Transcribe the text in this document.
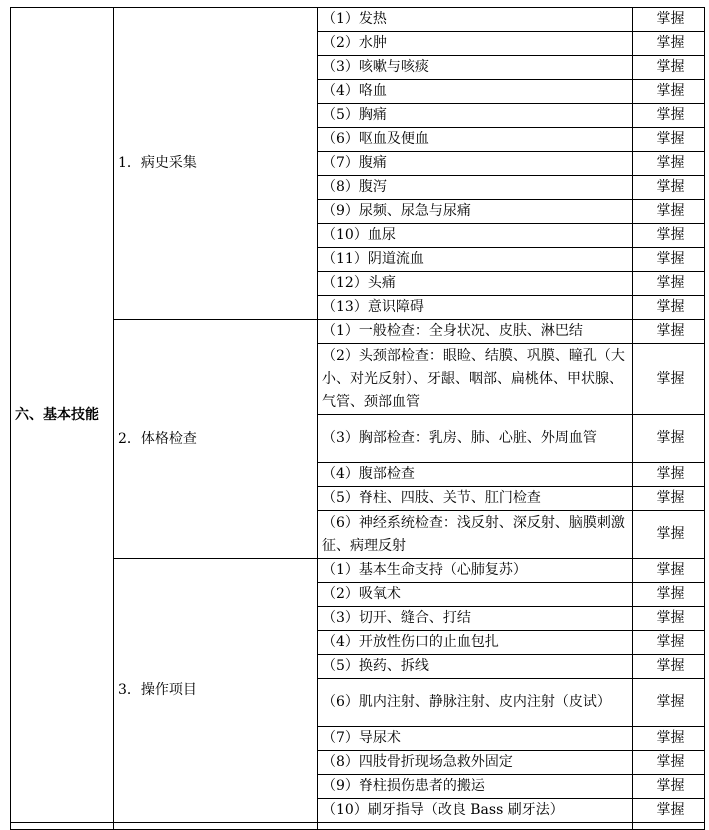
六、基本技能	1．病史采集	（1）发热	掌握
		（2）水肿	掌握
		（3）咳嗽与咳痰	掌握
		（4）咯血	掌握
		（5）胸痛	掌握
		（6）呕血及便血	掌握
		（7）腹痛	掌握
		（8）腹泻	掌握
		（9）尿频、尿急与尿痛	掌握
		（10）血尿	掌握
		（11）阴道流血	掌握
		（12）头痛	掌握
		（13）意识障碍	掌握
	2．体格检查	（1）一般检查：全身状况、皮肤、淋巴结	掌握
		（2）头颈部检查：眼睑、结膜、巩膜、瞳孔（大小、对光反射）、牙龈、咽部、扁桃体、甲状腺、气管、颈部血管	掌握
		（3）胸部检查：乳房、肺、心脏、外周血管	掌握
		（4）腹部检查	掌握
		（5）脊柱、四肢、关节、肛门检查	掌握
		（6）神经系统检查：浅反射、深反射、脑膜刺激征、病理反射	掌握
	3．操作项目	（1）基本生命支持（心肺复苏）	掌握
		（2）吸氧术	掌握
		（3）切开、缝合、打结	掌握
		（4）开放性伤口的止血包扎	掌握
		（5）换药、拆线	掌握
		（6）肌内注射、静脉注射、皮内注射（皮试）	掌握
		（7）导尿术	掌握
		（8）四肢骨折现场急救外固定	掌握
		（9）脊柱损伤患者的搬运	掌握
		（10）刷牙指导（改良 Bass 刷牙法）	掌握
